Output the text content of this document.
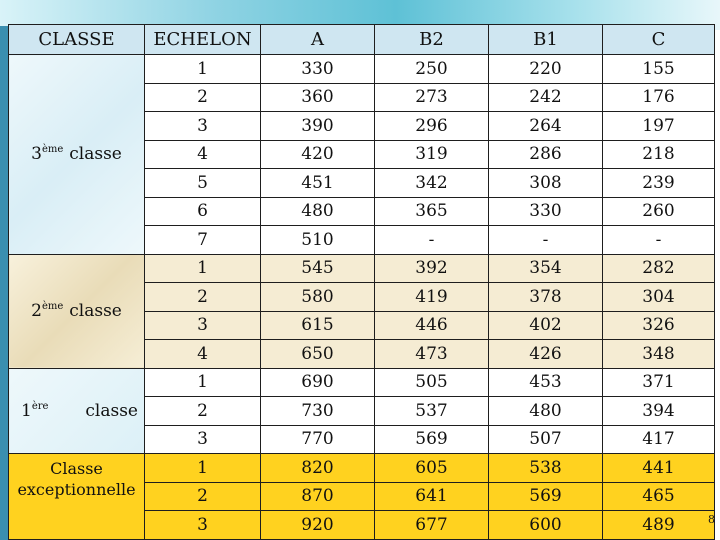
CLASSE	ECHELON	A	B2	B1	C
3ème classe	1	330	250	220	155
	2	360	273	242	176
	3	390	296	264	197
	4	420	319	286	218
	5	451	342	308	239
	6	480	365	330	260
	7	510	-	-	-
2ème classe	1	545	392	354	282
	2	580	419	378	304
	3	615	446	402	326
	4	650	473	426	348

1ère classe	1	690	505	453	371
	2	730	537	480	394
	3	770	569	507	417

Classe
exceptionnelle	1	820	605	538	441
	2	870	641	569	465
	3	920	677	600	489	8
